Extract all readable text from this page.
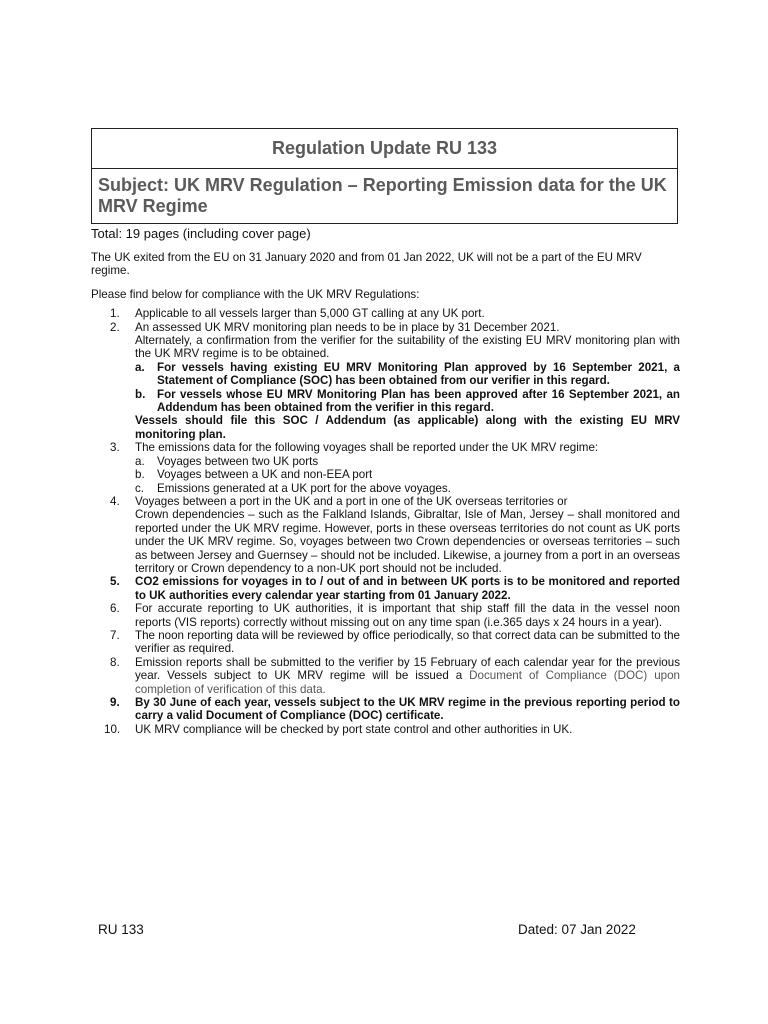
Regulation Update RU 133
Subject: UK MRV Regulation – Reporting Emission data for the UK MRV Regime

Total: 19 pages (including cover page)

The UK exited from the EU on 31 January 2020 and from 01 Jan 2022, UK will not be a part of the EU MRV regime.

Please find below for compliance with the UK MRV Regulations:

1.	Applicable to all vessels larger than 5,000 GT calling at any UK port.
2.	An assessed UK MRV monitoring plan needs to be in place by 31 December 2021.
Alternately, a confirmation from the verifier for the suitability of the existing EU MRV monitoring plan with the UK MRV regime is to be obtained.
a. For vessels having existing EU MRV Monitoring Plan approved by 16 September 2021, a Statement of Compliance (SOC) has been obtained from our verifier in this regard.
b. For vessels whose EU MRV Monitoring Plan has been approved after 16 September 2021, an Addendum has been obtained from the verifier in this regard.
Vessels should file this SOC / Addendum (as applicable) along with the existing EU MRV monitoring plan.
3.	The emissions data for the following voyages shall be reported under the UK MRV regime:
a. Voyages between two UK ports
b. Voyages between a UK and non-EEA port
c. Emissions generated at a UK port for the above voyages.
4.	Voyages between a port in the UK and a port in one of the UK overseas territories or
Crown dependencies – such as the Falkland Islands, Gibraltar, Isle of Man, Jersey – shall monitored and reported under the UK MRV regime. However, ports in these overseas territories do not count as UK ports under the UK MRV regime. So, voyages between two Crown dependencies or overseas territories – such as between Jersey and Guernsey – should not be included. Likewise, a journey from a port in an overseas territory or Crown dependency to a non-UK port should not be included.
5.	CO2 emissions for voyages in to / out of and in between UK ports is to be monitored and reported to UK authorities every calendar year starting from 01 January 2022.
6.	For accurate reporting to UK authorities, it is important that ship staff fill the data in the vessel noon reports (VIS reports) correctly without missing out on any time span (i.e.365 days x 24 hours in a year).
7.	The noon reporting data will be reviewed by office periodically, so that correct data can be submitted to the verifier as required.
8.	Emission reports shall be submitted to the verifier by 15 February of each calendar year for the previous year. Vessels subject to UK MRV regime will be issued a Document of Compliance (DOC) upon completion of verification of this data.
9.	By 30 June of each year, vessels subject to the UK MRV regime in the previous reporting period to carry a valid Document of Compliance (DOC) certificate.
10.	UK MRV compliance will be checked by port state control and other authorities in UK.
RU 133	Dated: 07 Jan 2022
